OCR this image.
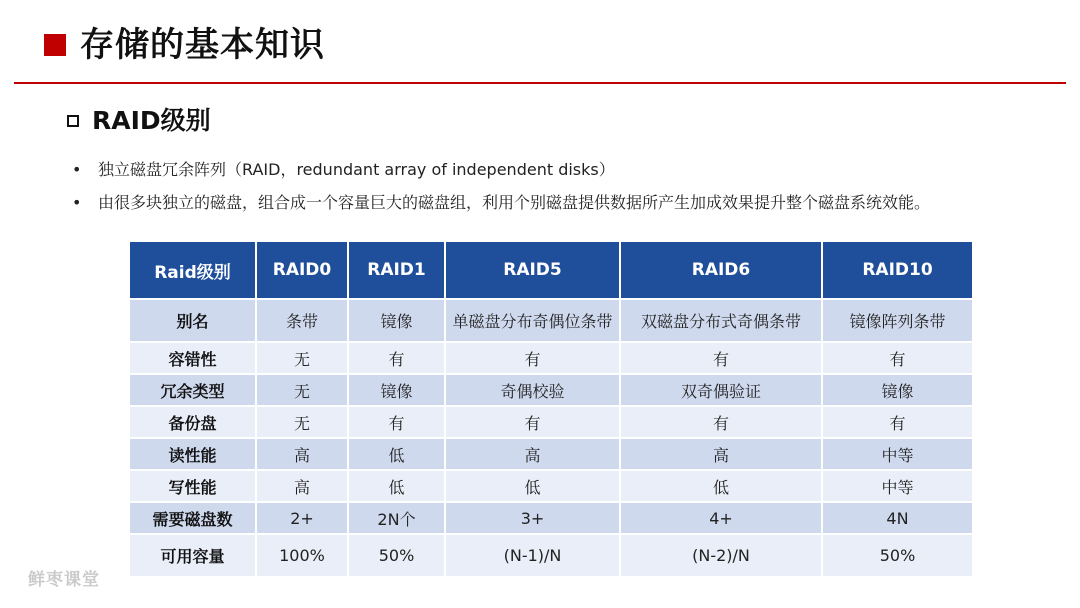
存储的基本知识
RAID级别
•	独立磁盘冗余阵列（RAID，redundant array of independent disks）
•	由很多块独立的磁盘，组合成一个容量巨大的磁盘组，利用个别磁盘提供数据所产生加成效果提升整个磁盘系统效能。
Raid级别	RAID0	RAID1	RAID5	RAID6	RAID10
别名	条带	镜像	单磁盘分布奇偶位条带	双磁盘分布式奇偶条带	镜像阵列条带
容错性	无	有	有	有	有
冗余类型	无	镜像	奇偶校验	双奇偶验证	镜像
备份盘	无	有	有	有	有
读性能	高	低	高	高	中等
写性能	高	低	低	低	中等
需要磁盘数	2+	2N个	3+	4+	4N
可用容量	100%	50%	(N-1)/N	(N-2)/N	50%
鲜枣课堂
